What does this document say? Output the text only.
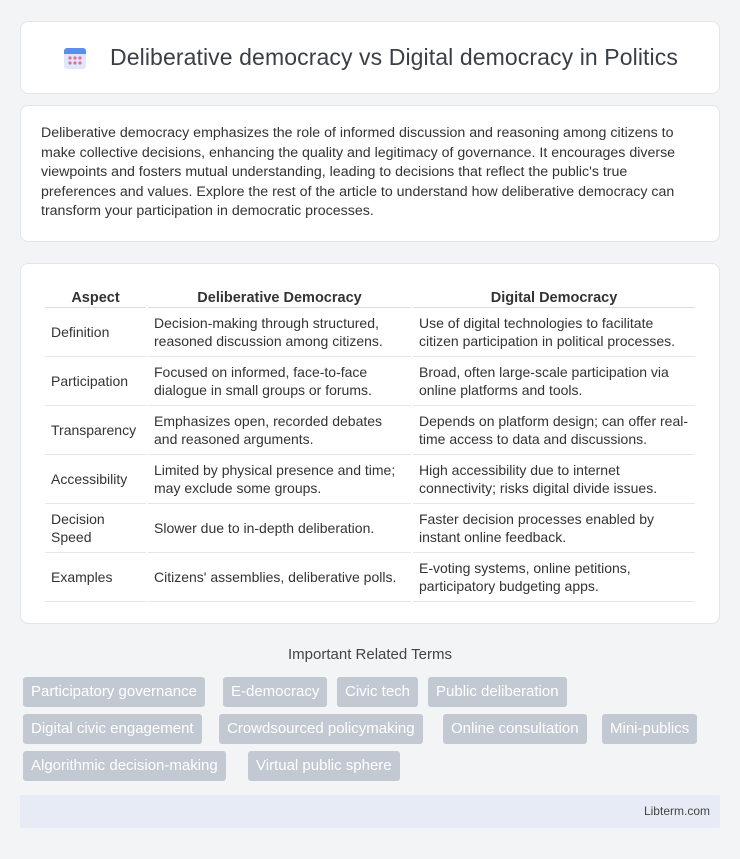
Deliberative democracy vs Digital democracy in Politics

Deliberative democracy emphasizes the role of informed discussion and reasoning among citizens to make collective decisions, enhancing the quality and legitimacy of governance. It encourages diverse viewpoints and fosters mutual understanding, leading to decisions that reflect the public's true preferences and values. Explore the rest of the article to understand how deliberative democracy can transform your participation in democratic processes.

Aspect	Deliberative Democracy	Digital Democracy
Definition	Decision-making through structured, reasoned discussion among citizens.	Use of digital technologies to facilitate citizen participation in political processes.
Participation	Focused on informed, face-to-face dialogue in small groups or forums.	Broad, often large-scale participation via online platforms and tools.
Transparency	Emphasizes open, recorded debates and reasoned arguments.	Depends on platform design; can offer real-time access to data and discussions.
Accessibility	Limited by physical presence and time; may exclude some groups.	High accessibility due to internet connectivity; risks digital divide issues.
Decision Speed	Slower due to in-depth deliberation.	Faster decision processes enabled by instant online feedback.
Examples	Citizens' assemblies, deliberative polls.	E-voting systems, online petitions, participatory budgeting apps.
Important Related Terms
Participatory governance	E-democracy	Civic tech	Public deliberation
Digital civic engagement	Crowdsourced policymaking	Online consultation	Mini-publics
Algorithmic decision-making	Virtual public sphere
Libterm.com
